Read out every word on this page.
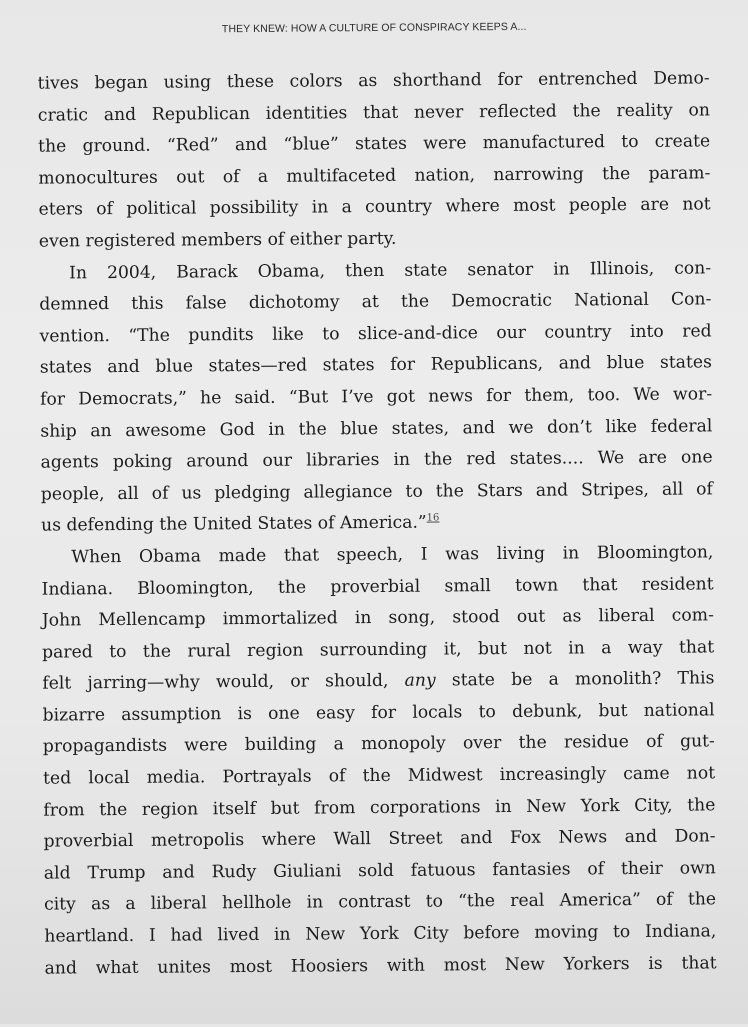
THEY KNEW: HOW A CULTURE OF CONSPIRACY KEEPS A...

tives began using these colors as shorthand for entrenched Demo-
cratic and Republican identities that never reflected the reality on
the ground. “Red” and “blue” states were manufactured to create
monocultures out of a multifaceted nation, narrowing the param-
eters of political possibility in a country where most people are not
even registered members of either party.

In 2004, Barack Obama, then state senator in Illinois, con-
demned this false dichotomy at the Democratic National Con-
vention. “The pundits like to slice-and-dice our country into red
states and blue states—red states for Republicans, and blue states
for Democrats,” he said. “But I’ve got news for them, too. We wor-
ship an awesome God in the blue states, and we don’t like federal
agents poking around our libraries in the red states.... We are one
people, all of us pledging allegiance to the Stars and Stripes, all of
us defending the United States of America.”$^{16}$

When Obama made that speech, I was living in Bloomington,
Indiana. Bloomington, the proverbial small town that resident
John Mellencamp immortalized in song, stood out as liberal com-
pared to the rural region surrounding it, but not in a way that
felt jarring—why would, or should, any state be a monolith? This
bizarre assumption is one easy for locals to debunk, but national
propagandists were building a monopoly over the residue of gut-
ted local media. Portrayals of the Midwest increasingly came not
from the region itself but from corporations in New York City, the
proverbial metropolis where Wall Street and Fox News and Don-
ald Trump and Rudy Giuliani sold fatuous fantasies of their own
city as a liberal hellhole in contrast to “the real America” of the
heartland. I had lived in New York City before moving to Indiana,
and what unites most Hoosiers with most New Yorkers is that
